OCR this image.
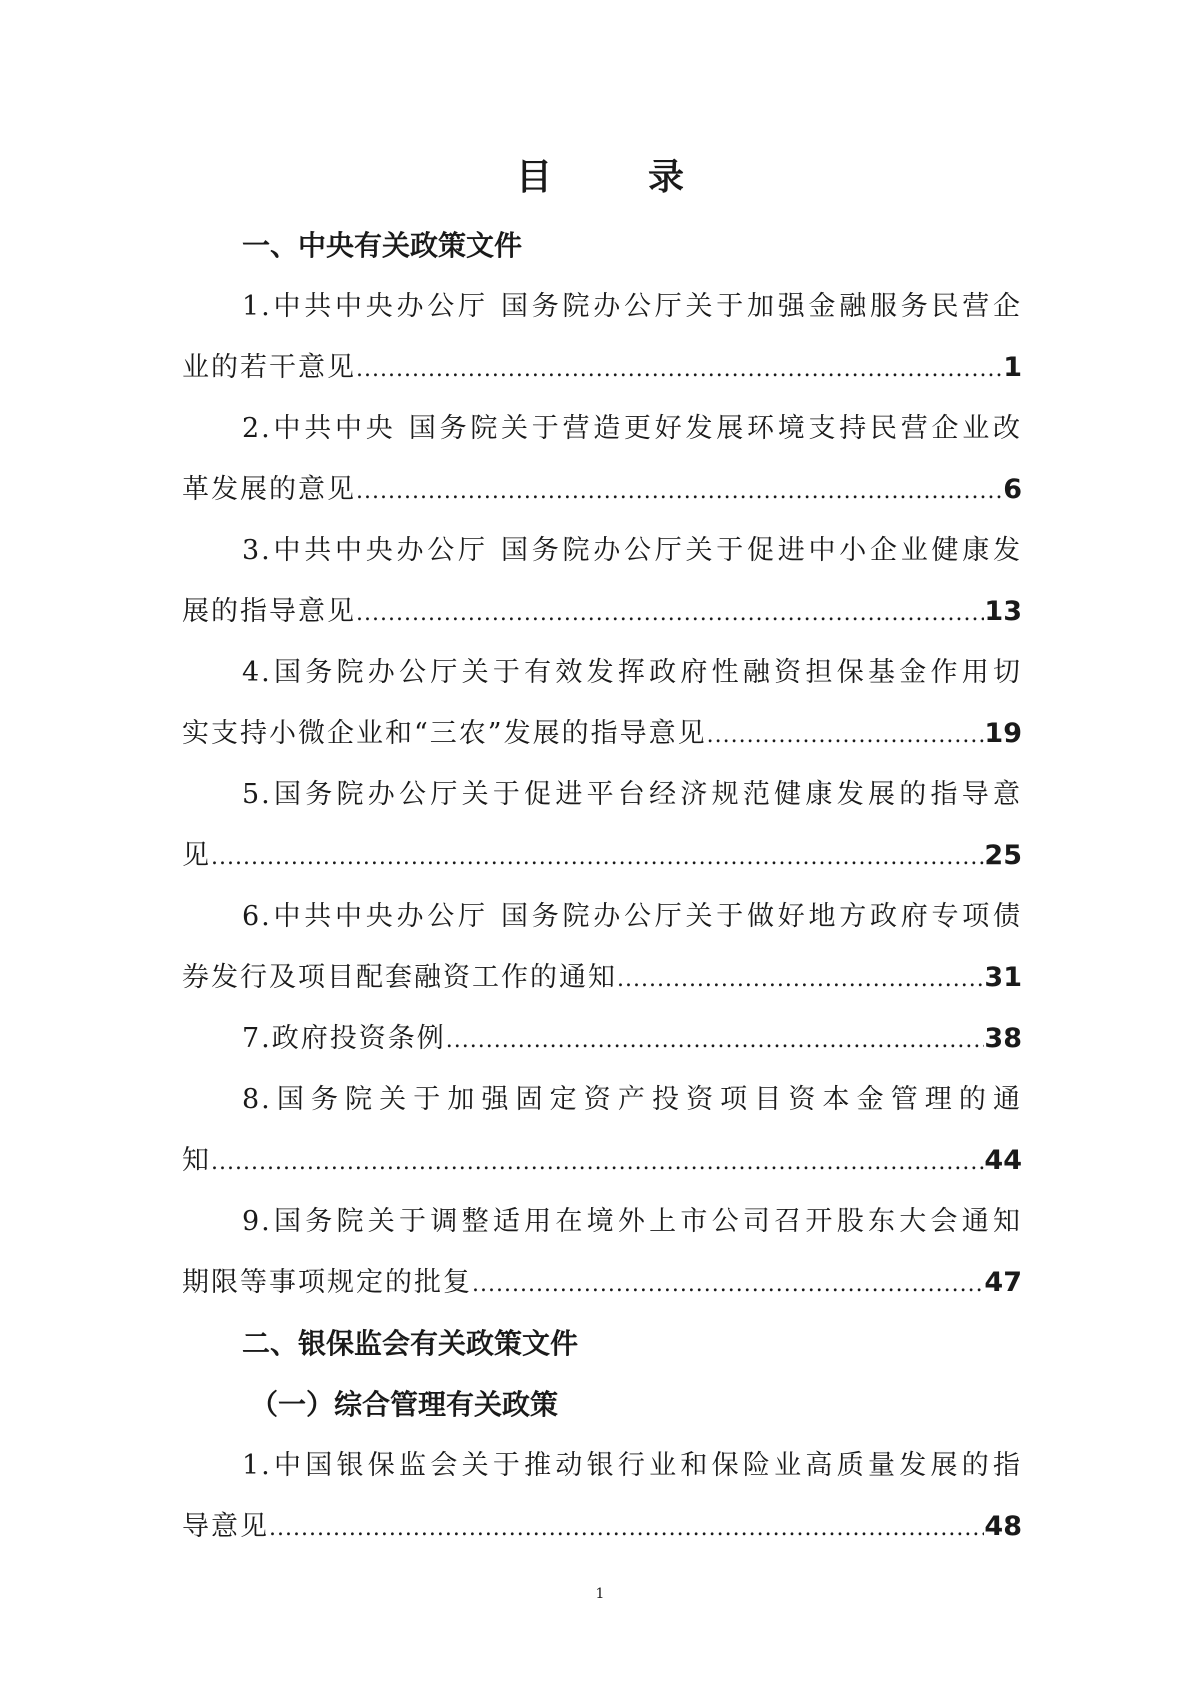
目　录
一、中央有关政策文件
1.中共中央办公厅 国务院办公厅关于加强金融服务民营企
业的若干意见 .....	1
2.中共中央 国务院关于营造更好发展环境支持民营企业改
革发展的意见 .....	6
3.中共中央办公厅 国务院办公厅关于促进中小企业健康发
展的指导意见 .....	13
4.国务院办公厅关于有效发挥政府性融资担保基金作用切
实支持小微企业和“三农”发展的指导意见 .....	19
5.国务院办公厅关于促进平台经济规范健康发展的指导意
见 .....	25
6.中共中央办公厅 国务院办公厅关于做好地方政府专项债
券发行及项目配套融资工作的通知 .....	31
7.政府投资条例 .....	38
8.国务院关于加强固定资产投资项目资本金管理的通
知 .....	44
9.国务院关于调整适用在境外上市公司召开股东大会通知
期限等事项规定的批复 .....	47
二、银保监会有关政策文件
（一）综合管理有关政策
1.中国银保监会关于推动银行业和保险业高质量发展的指
导意见 .....	48
1
